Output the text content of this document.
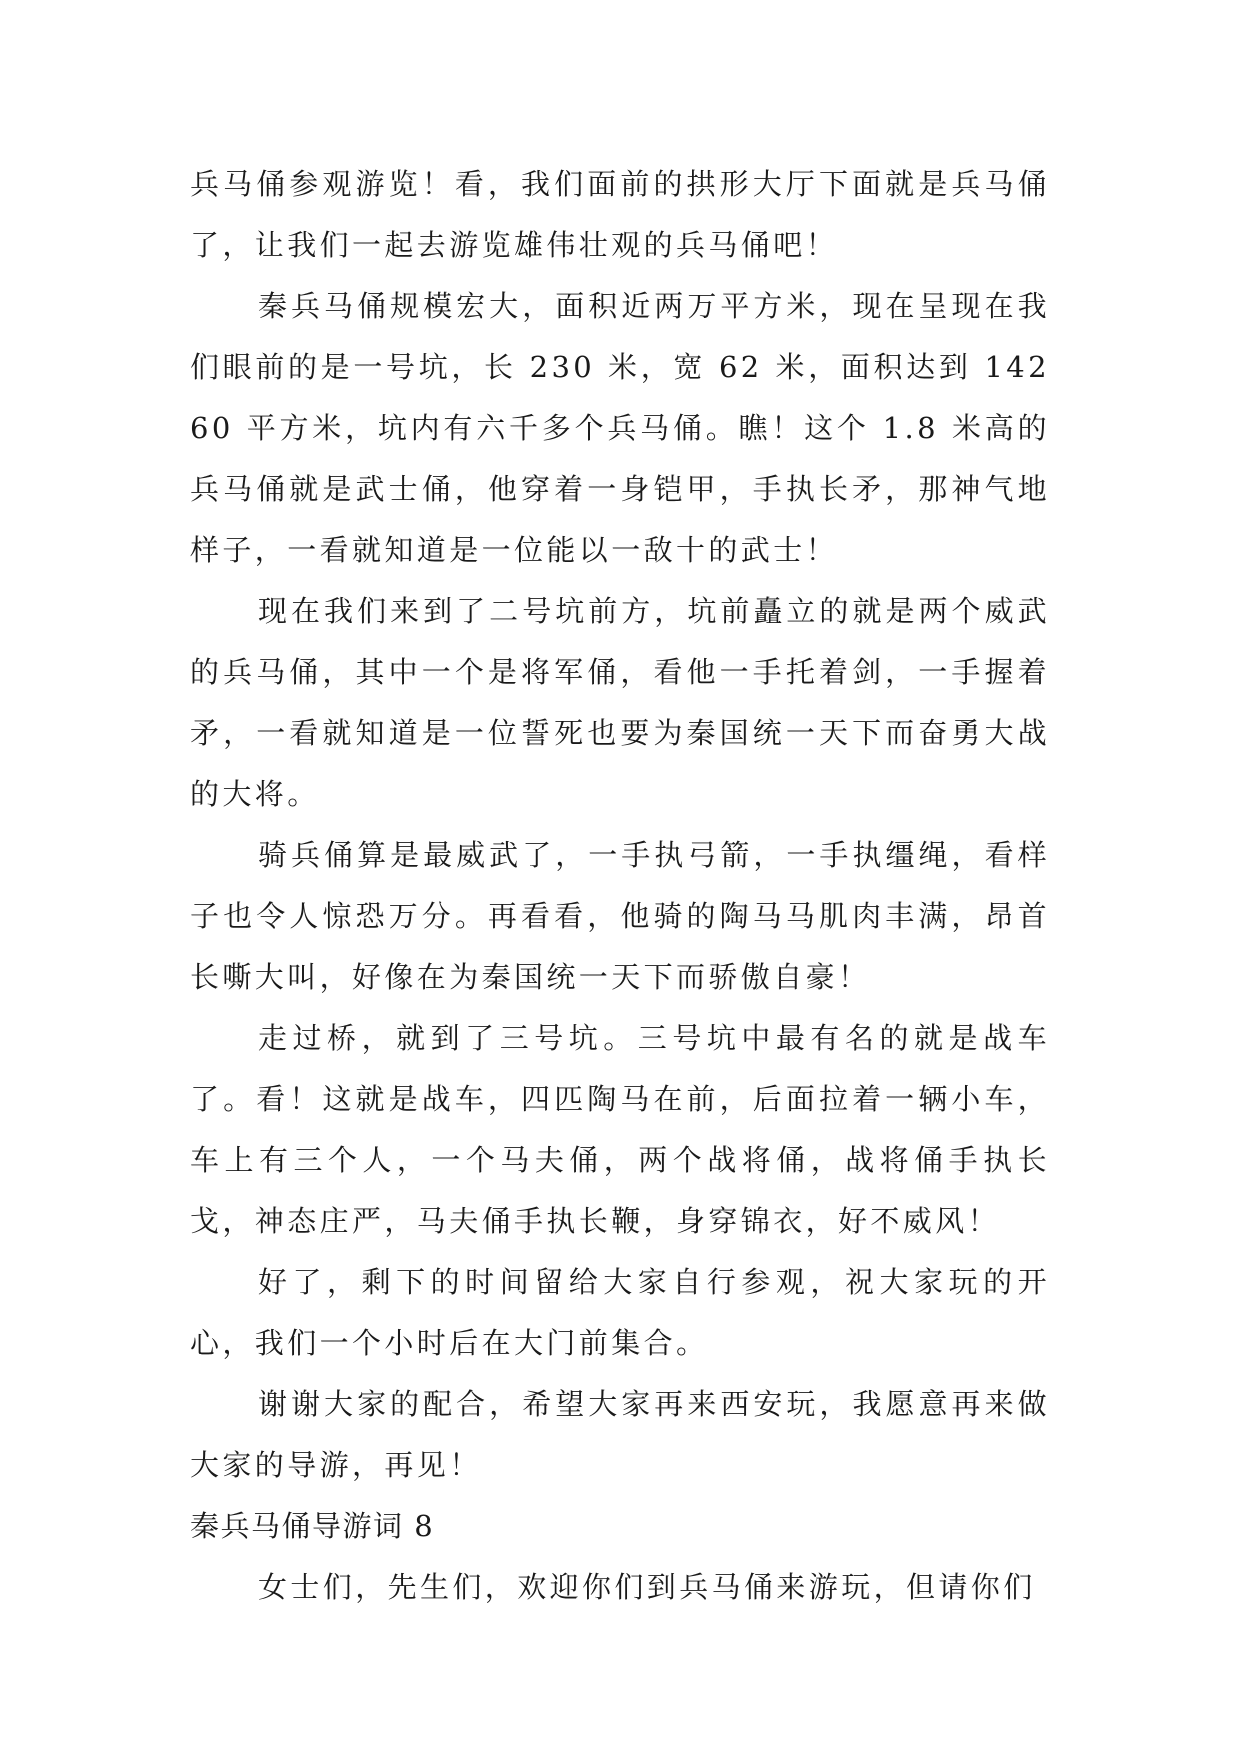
兵马俑参观游览！看，我们面前的拱形大厅下面就是兵马俑了，让我们一起去游览雄伟壮观的兵马俑吧！

秦兵马俑规模宏大，面积近两万平方米，现在呈现在我们眼前的是一号坑，长 230 米，宽 62 米，面积达到 14260 平方米，坑内有六千多个兵马俑。瞧！这个 1.8 米高的兵马俑就是武士俑，他穿着一身铠甲，手执长矛，那神气地样子，一看就知道是一位能以一敌十的武士！

现在我们来到了二号坑前方，坑前矗立的就是两个威武的兵马俑，其中一个是将军俑，看他一手托着剑，一手握着矛，一看就知道是一位誓死也要为秦国统一天下而奋勇大战的大将。

骑兵俑算是最威武了，一手执弓箭，一手执缰绳，看样子也令人惊恐万分。再看看，他骑的陶马马肌肉丰满，昂首长嘶大叫，好像在为秦国统一天下而骄傲自豪！

走过桥，就到了三号坑。三号坑中最有名的就是战车了。看！这就是战车，四匹陶马在前，后面拉着一辆小车，车上有三个人，一个马夫俑，两个战将俑，战将俑手执长戈，神态庄严，马夫俑手执长鞭，身穿锦衣，好不威风！

好了，剩下的时间留给大家自行参观，祝大家玩的开心，我们一个小时后在大门前集合。

谢谢大家的配合，希望大家再来西安玩，我愿意再来做大家的导游，再见！

秦兵马俑导游词 8

女士们，先生们，欢迎你们到兵马俑来游玩，但请你们
